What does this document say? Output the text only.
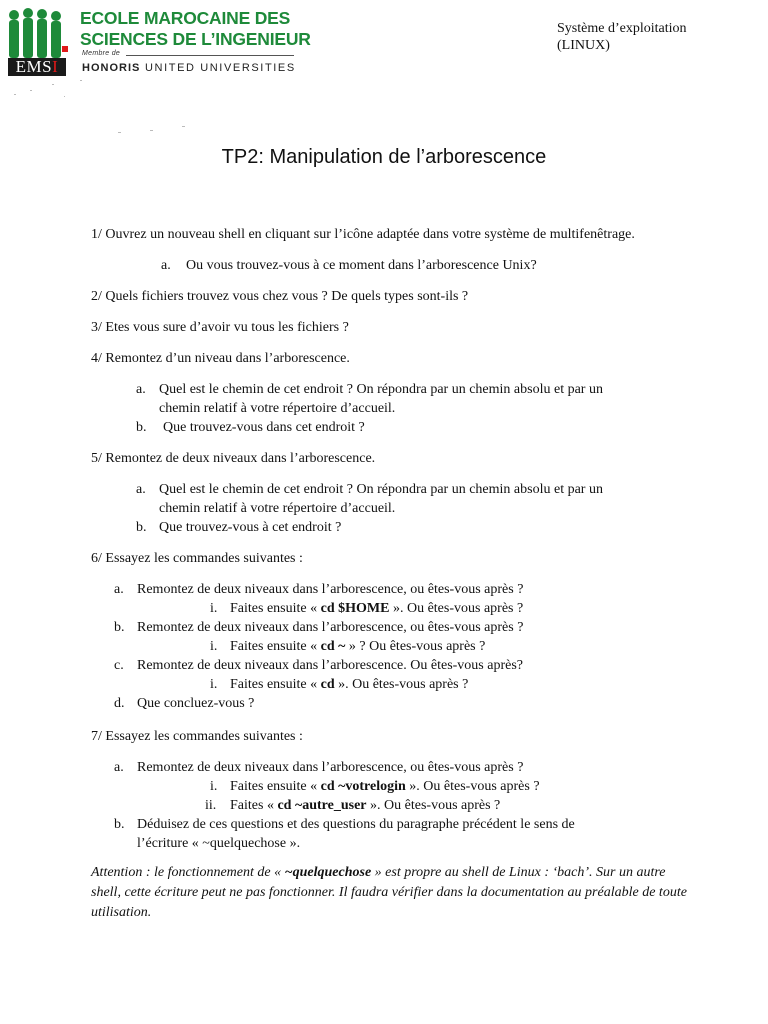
EMSI
ECOLE MAROCAINE DES
SCIENCES DE L’INGENIEUR
Membre de
HONORIS UNITED UNIVERSITIES
Système d’exploitation
(LINUX)
TP2: Manipulation de l’arborescence

1/ Ouvrez un nouveau shell en cliquant sur l’icône adaptée dans votre système de multifenêtrage.

a. Ou vous trouvez-vous à ce moment dans l’arborescence Unix?

2/ Quels fichiers trouvez vous chez vous ? De quels types sont-ils ?

3/ Etes vous sure d’avoir vu tous les fichiers ?

4/ Remontez d’un niveau dans l’arborescence.

a. Quel est le chemin de cet endroit ? On répondra par un chemin absolu et par un
chemin relatif à votre répertoire d’accueil.
b. Que trouvez-vous dans cet endroit ?

5/ Remontez de deux niveaux dans l’arborescence.

a. Quel est le chemin de cet endroit ? On répondra par un chemin absolu et par un
chemin relatif à votre répertoire d’accueil.
b. Que trouvez-vous à cet endroit ?

6/ Essayez les commandes suivantes :

a. Remontez de deux niveaux dans l’arborescence, ou êtes-vous après ?
i. Faites ensuite « cd $HOME ». Ou êtes-vous après ?
b. Remontez de deux niveaux dans l’arborescence, ou êtes-vous après ?
i. Faites ensuite « cd ~ » ? Ou êtes-vous après ?
c. Remontez de deux niveaux dans l’arborescence. Ou êtes-vous après?
i. Faites ensuite « cd ». Ou êtes-vous après ?
d. Que concluez-vous ?

7/ Essayez les commandes suivantes :

a. Remontez de deux niveaux dans l’arborescence, ou êtes-vous après ?
i. Faites ensuite « cd ~votrelogin ». Ou êtes-vous après ?
ii. Faites « cd ~autre_user ». Ou êtes-vous après ?
b. Déduisez de ces questions et des questions du paragraphe précédent le sens de
l’écriture « ~quelquechose ».

Attention : le fonctionnement de « ~quelquechose » est propre au shell de Linux : ‘bach’. Sur un autre shell, cette écriture peut ne pas fonctionner. Il faudra vérifier dans la documentation au préalable de toute utilisation.
